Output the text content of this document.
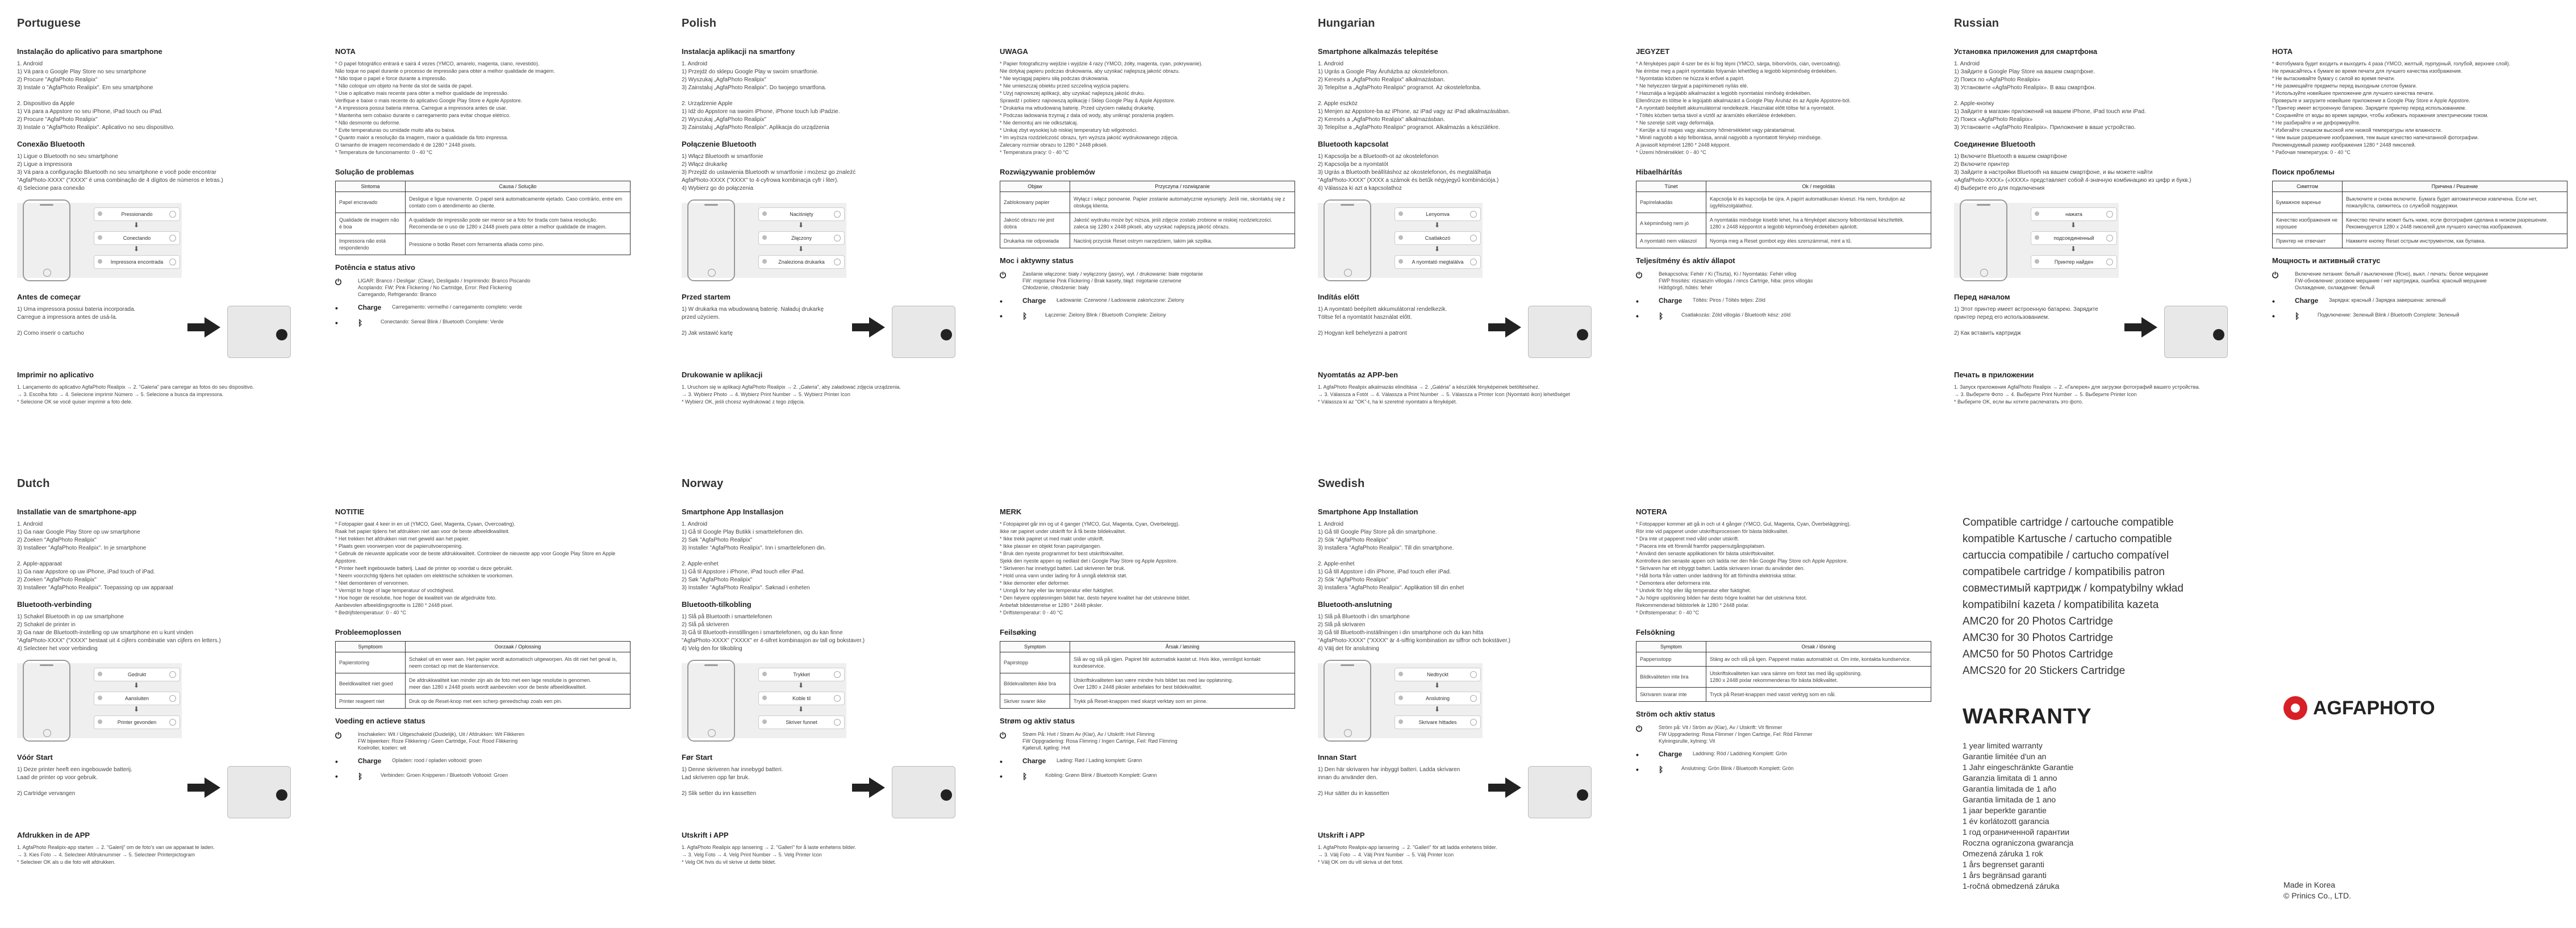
Portuguese
Instalação do aplicativo para smartphone

1. Android
1) Vá para o Google Play Store no seu smartphone
2) Procure "AgfaPhoto Realipix"
3) Instale o "AgfaPhoto Realipix". Em seu smartphone

2. Dispositivo da Apple
1) Vá para a Appstore no seu iPhone, iPad touch ou iPad.
2) Procure "AgfaPhoto Realipix"
3) Instale o "AgfaPhoto Realipix". Aplicativo no seu dispositivo.

Conexão Bluetooth

1) Ligue o Bluetooth no seu smartphone
2) Ligue a impressora
3) Vá para a configuração Bluetooth no seu smartphone e você pode encontrar
"AgfaPhoto-XXXX" ("XXXX" é uma combinação de 4 dígitos de números e letras.)
4) Selecione para conexão

Pressionando
⬇
Conectando
⬇
Impressora encontrada
Antes de começar

1) Uma impressora possui bateria incorporada.
Carregue a impressora antes de usá-la.

2) Como inserir o cartucho

Imprimir no aplicativo

1. Lançamento do aplicativo AgfaPhoto Realipix → 2. "Galeria" para carregar as fotos do seu dispositivo.
→ 3. Escolha foto → 4. Selecione imprimir Número → 5. Selecione a busca da impressora.
* Selecione OK se você quiser imprimir a foto dele.

NOTA

* O papel fotográfico entrará e sairá 4 vezes (YMCO, amarelo, magenta, ciano, revestido).
Não toque no papel durante o processo de impressão para obter a melhor qualidade de imagem.
* Não toque o papel e force durante a impressão.
* Não coloque um objeto na frente da slot de saída de papel.
* Use o aplicativo mais recente para obter a melhor qualidade de impressão.
Verifique e baixe o mais recente do aplicativo Google Play Store e Apple Appstore.
* A impressora possui bateria interna. Carregue a impressora antes de usar.
* Mantenha sem cobaixo durante o carregamento para evitar choque elétrico.
* Não desmonte ou deforme.
* Evite temperaturas ou umidade muito alta ou baixa.
* Quanto maior a resolução da imagem, maior a qualidade da foto impressa.
O tamanho de imagem recomendado é de 1280 * 2448 pixels.
* Temperatura de funcionamento: 0 - 40 °C

Solução de problemas
Sintoma	Causa / Solução
Papel encravado	Desligue e ligue novamente. O papel será automaticamente ejetado. Caso contrário, entre em contato com o atendimento ao cliente.
Qualidade de imagem não é boa	A qualidade de impressão pode ser menor se a foto for tirada com baixa resolução.
Recomenda-se o uso de 1280 x 2448 pixels para obter a melhor qualidade de imagem.
Impressora não está respondendo	Pressione o botão Reset com ferramenta afiada como pino.
Potência e status ativo
⏻	LIGAR: Branco / Desligar: (Clear), Desligado / Imprimindo: Branco Piscando
Acoplando: FW: Pink Flickering / No Cartridge, Error: Red Flickering
Carregando, Refrigerando: Branco
•	Charge	Carregamento: vermelho / carregamento completo: verde
•	ᛒ	Conectando: Sereal Blink / Bluetooth Complete: Verde
Polish
Instalacja aplikacji na smartfony

1. Android
1) Przejdź do sklepu Google Play w swoim smartfonie.
2) Wyszukaj „AgfaPhoto Realipix"
3) Zainstaluj „AgfaPhoto Realipix". Do twojego smartfona.

2. Urządzenie Apple
1) Idź do Appstore na swoim iPhone, iPhone touch lub iPadzie.
2) Wyszukaj „AgfaPhoto Realipix"
3) Zainstaluj „AgfaPhoto Realipix". Aplikacja do urządzenia

Połączenie Bluetooth

1) Włącz Bluetooth w smartfonie
2) Włącz drukarkę
3) Przejdź do ustawienia Bluetooth w smartfonie i możesz go znaleźć
AgfaPhoto-XXXX ("XXXX" to 4-cyfrowa kombinacja cyfr i liter).
4) Wybierz go do połączenia

Naciśnięty
⬇
Złączony
⬇
Znaleziona drukarka
Przed startem

1) W drukarka ma wbudowaną baterię. Naładuj drukarkę
przed użyciem.

2) Jak wstawić kartę

Drukowanie w aplikacji

1. Uruchom się w aplikacji AgfaPhoto Realipix → 2. „Galeria", aby załadować zdjęcia urządzenia.
→ 3. Wybierz Photo → 4. Wybierz Print Number → 5. Wybierz Printer Icon
* Wybierz OK, jeśli chcesz wydrukować z tego zdjęcia.

UWAGA

* Papier fotograficzny wejdzie i wyjdzie 4 razy (YMCO, żółty, magenta, cyan, pokrywanie).
Nie dotykaj papieru podczas drukowania, aby uzyskać najlepszą jakość obrazu.
* Nie wyciągaj papieru siłą podczas drukowania.
* Nie umieszczaj obiektu przed szczeliną wyjścia papieru.
* Użyj najnowszej aplikacji, aby uzyskać najlepszą jakość druku.
Sprawdź i pobierz najnowszą aplikację i Sklep Google Play & Apple Appstore.
* Drukarka ma wbudowaną baterię. Przed użyciem naładuj drukarkę.
* Podczas ładowania trzymaj z dala od wody, aby uniknąć porażenia prądem.
* Nie demontuj ani nie odkształcaj.
* Unikaj zbyt wysokiej lub niskiej temperatury lub wilgotności.
* Im wyższa rozdzielczość obrazu, tym wyższa jakość wydrukowanego zdjęcia.
Zalecany rozmiar obrazu to 1280 * 2448 pikseli.
* Temperatura pracy: 0 - 40 °C

Rozwiązywanie problemów
Objaw	Przyczyna / rozwiązanie
Zablokowany papier	Wyłącz i włącz ponownie. Papier zostanie automatycznie wysunięty. Jeśli nie, skontaktuj się z obsługą klienta.
Jakość obrazu nie jest dobra	Jakość wydruku może być niższa, jeśli zdjęcie zostało zrobione w niskiej rozdzielczości.
zaleca się 1280 x 2448 pikseli, aby uzyskać najlepszą jakość obrazu.
Drukarka nie odpowiada	Naciśnij przycisk Reset ostrym narzędziem, takim jak szpilka.
Moc i aktywny status
⏻	Zasilanie włączone: biały / wyłączony (jasny), wył. / drukowanie: białe migotanie
FW: migotanie Pink Flickering / Brak kasety, błąd: migotanie czerwone
Chłodzenie, chłodzenie: biały
•	Charge	Ładowanie: Czerwone / Ładowanie zakończone: Zielony
•	ᛒ	Łączenie: Zielony Blink / Bluetooth Complete: Zielony
Hungarian
Smartphone alkalmazás telepítése

1. Android
1) Ugrás a Google Play Áruházba az okostelefonon.
2) Keresés a „AgfaPhoto Realipix" alkalmazásban.
3) Telepítse a „AgfaPhoto Realipix" programot. Az okostelefonba.

2. Apple eszköz
1) Menjen az Appstore-ba az iPhone, az iPad vagy az iPad alkalmazásában.
2) Keresés a „AgfaPhoto Realipix" alkalmazásban.
3) Telepítse a „AgfaPhoto Realipix" programot. Alkalmazás a készülékre.

Bluetooth kapcsolat

1) Kapcsolja be a Bluetooth-ot az okostelefonon
2) Kapcsolja be a nyomtatót
3) Ugrás a Bluetooth beállításhoz az okostelefonon, és megtalálhatja
"AgfaPhoto-XXXX" (XXXX a számok és betűk négyjegyű kombinációja.)
4) Válassza ki azt a kapcsolathoz

Lenyomva
⬇
Csatlakozó
⬇
A nyomtató megtalálva
Indítás előtt

1) A nyomtató beépített akkumulátorral rendelkezik.
Töltse fel a nyomtatót használat előtt.

2) Hogyan kell behelyezni a patront

Nyomtatás az APP-ben

1. AgfaPhoto Realipix alkalmazás elindítása → 2. „Galéria" a készülék fényképeinek betöltéséhez.
→ 3. Válassza a Fotót → 4. Válassza a Print Number → 5. Válassza a Printer Icon (Nyomtató ikon) lehetőséget
* Válassza ki az "OK"-t, ha ki szeretné nyomtatni a fényképét.

JEGYZET

* A fényképes papír 4-szer be és ki fog lépni (YMCO, sárga, bíborvörös, cián, overcoating).
Ne érintse meg a papírt nyomtatás folyamán lehetőleg a legjobb képminőség érdekében.
* Nyomtatás közben ne húzza ki erővel a papírt.
* Ne helyezzen tárgyat a papírkimeneti nyílás elé.
* Használja a legújabb alkalmazást a legjobb nyomtatási minőség érdekében.
Ellenőrizze és töltse le a legújabb alkalmazást a Google Play Áruház és az Apple Appstore-ból.
* A nyomtató beépített akkumulátorral rendelkezik. Használat előtt töltse fel a nyomtatót.
* Töltés közben tartsa távol a víztől az áramütés elkerülése érdekében.
* Ne szerelje szét vagy deformálja.
* Kerülje a túl magas vagy alacsony hőmérsékletet vagy páratartalmat.
* Minél nagyobb a kép felbontása, annál nagyobb a nyomtatott fénykép minősége.
A javasolt képméret 1280 * 2448 képpont.
* Üzemi hőmérséklet: 0 - 40 °C

Hibaelhárítás
Tünet	Ok / megoldás
Papírelakadás	Kapcsolja ki és kapcsolja be újra. A papírt automatikusan kiveszi. Ha nem, forduljon az ügyfélszolgálathoz.
A képminőség nem jó	A nyomtatás minősége kisebb lehet, ha a fényképet alacsony felbontással készítették.
1280 x 2448 képpontot a legjobb képminőség érdekében ajánlott.
A nyomtató nem válaszol	Nyomja meg a Reset gombot egy éles szerszámmal, mint a tű.
Teljesítmény és aktív állapot
⏻	Bekapcsolva: Fehér / Ki (Tiszta), Ki / Nyomtatás: Fehér villog
FWP frissítés: rózsaszín villogás / nincs Cartrige, hiba: piros villogás
Hűtőgörgő, hűtés: fehér
•	Charge	Töltés: Piros / Töltés teljes: Zöld
•	ᛒ	Csatlakozás: Zöld villogás / Bluetooth kész: zöld
Russian
Установка приложения для смартфона

1. Android
1) Зайдите в Google Play Store на вашем смартфоне.
2) Поиск по «AgfaPhoto Realipix»
3) Установите «AgfaPhoto Realipix». В ваш смартфон.

2. Apple-кнопку
1) Зайдите в магазин приложений на вашем iPhone, iPad touch или iPad.
2) Поиск «AgfaPhoto Realipix»
3) Установите «AgfaPhoto Realipix». Приложение в ваше устройство.

Соединение Bluetooth

1) Включите Bluetooth в вашем смартфоне
2) Включите принтер
3) Зайдите в настройки Bluetooth на вашем смартфоне, и вы можете найти
«AgfaPhoto-XXXX» («XXXX» представляет собой 4-значную комбинацию из цифр и букв.)
4) Выберите его для подключения

нажата
⬇
подсоединенный
⬇
Принтер найден
Перед началом

1) Этот принтер имеет встроенную батарею. Зарядите
принтер перед его использованием.

2) Как вставить картридж

Печать в приложении

1. Запуск приложения AgfaPhoto Realipix → 2. «Галерея» для загрузки фотографий вашего устройства.
→ 3. Выберите Фото → 4. Выберите Print Number → 5. Выберите Printer Icon
* Выберите OK, если вы хотите распечатать это фото.

НОТА

* Фотобумага будет входить и выходить 4 раза (YMCO, желтый, пурпурный, голубой, верхнее слой).
Не прикасайтесь к бумаге во время печати для лучшего качества изображения.
* Не вытаскивайте бумагу с силой во время печати.
* Не размещайте предметы перед выходным слотом бумаги.
* Используйте новейшее приложение для лучшего качества печати.
Проверьте и загрузите новейшее приложение в Google Play Store и Apple Appstore.
* Принтер имеет встроенную батарею. Зарядите принтер перед использованием.
* Сохраняйте от воды во время зарядки, чтобы избежать поражения электрическим током.
* Не разбирайте и не деформируйте.
* Избегайте слишком высокой или низкой температуры или влажности.
* Чем выше разрешение изображения, тем выше качество напечатанной фотографии.
Рекомендуемый размер изображения 1280 * 2448 пикселей.
* Рабочая температура: 0 - 40 °C

Поиск проблемы
Симптом	Причина / Решение
Бумажное варенье	Выключите и снова включите. Бумага будет автоматически извлечена. Если нет, пожалуйста, свяжитесь со службой поддержки.
Качество изображения не хорошее	Качество печати может быть ниже, если фотография сделана в низком разрешении.
Рекомендуется 1280 x 2448 пикселей для лучшего качества изображения.
Принтер не отвечает	Нажмите кнопку Reset острым инструментом, как булавка.
Мощность и активный статус
⏻	Включение питания: белый / выключение (Ясно), выкл. / печать: белое мерцание
FW-обновление: розовое мерцание / нет картриджа, ошибка: красный мерцание
Охлаждение, охлаждение: белый
•	Charge	Зарядка: красный / Зарядка завершена: зеленый
•	ᛒ	Подключение: Зеленый Blink / Bluetooth Complete: Зеленый
Dutch
Installatie van de smartphone-app

1. Android
1) Ga naar Google Play Store op uw smartphone
2) Zoeken "AgfaPhoto Realipix"
3) Installeer "AgfaPhoto Realipix". In je smartphone

2. Apple-apparaat
1) Ga naar Appstore op uw iPhone, iPad touch of iPad.
2) Zoeken "AgfaPhoto Realipix"
3) Installeer "AgfaPhoto Realipix". Toepassing op uw apparaat

Bluetooth-verbinding

1) Schakel Bluetooth in op uw smartphone
2) Schakel de printer in
3) Ga naar de Bluetooth-instelling op uw smartphone en u kunt vinden
"AgfaPhoto-XXXX" ("XXXX" bestaat uit 4 cijfers combinatie van cijfers en letters.)
4) Selecteer het voor verbinding

Gedrukt
⬇
Aansluiten
⬇
Printer gevonden
Vóór Start

1) Deze printer heeft een ingebouwde batterij.
Laad de printer op voor gebruik.

2) Cartridge vervangen

Afdrukken in de APP

1. AgfaPhoto Realipix-app starten → 2. "Galerij" om de foto's van uw apparaat te laden.
→ 3. Kies Foto → 4. Selecteer Afdruknummer → 5. Selecteer Printerpictogram
* Selecteer OK als u die foto wilt afdrukken.

NOTITIE

* Fotopapier gaat 4 keer in en uit (YMCO, Geel, Magenta, Cyaan, Overcoating).
Raak het papier tijdens het afdrukken niet aan voor de beste afbeeldkwaliteit.
* Het trekken het afdrukken niet met geweld aan het papier.
* Plaats geen voorwerpen voor de papieruitvoeropening.
* Gebruik de nieuwste applicatie voor de beste afdrukkwaliteit. Controleer de nieuwste app voor Google Play Store en Apple Appstore.
* Printer heeft ingebouwde batterij. Laad de printer op voordat u deze gebruikt.
* Neem voorzichtig tijdens het opladen om elektrische schokken te voorkomen.
* Niet demonteren of vervormen.
* Vermijd te hoge of lage temperatuur of vochtigheid.
* Hoe hoger de resolutie, hoe hoger de kwaliteit van de afgedrukte foto.
Aanbevolen afbeeldingsgrootte is 1280 * 2448 pixel.
* Bedrijfstemperatuur: 0 - 40 °C

Probleemoplossen
Symptoom	Oorzaak / Oplossing
Papierstoring	Schakel uit en weer aan. Het papier wordt automatisch uitgeworpen. Als dit niet het geval is, neem contact op met de klantenservice.
Beeldkwaliteit niet goed	De afdrukkwaliteit kan minder zijn als de foto met een lage resolutie is genomen.
meer dan 1280 x 2448 pixels wordt aanbevolen voor de beste afbeeldkwaliteit.
Printer reageert niet	Druk op de Reset-knop met een scherp gereedschap zoals een pin.
Voeding en actieve status
⏻	Inschakelen: Wit / Uitgeschakeld (Duidelijk), Uit / Afdrukken: Wit Flikkeren
FW bijwerken: Roze Flikkering / Geen Cartridge, Fout: Rood Flikkering
Koelroller, koelen: wit
•	Charge	Opladen: rood / opladen voltooid: groen
•	ᛒ	Verbinden: Groen Knipperen / Bluetooth Voltooid: Groen
Norway
Smartphone App Installasjon

1. Android
1) Gå til Google Play Butikk i smarttelefonen din.
2) Søk "AgfaPhoto Realipix"
3) Installer "AgfaPhoto Realipix". Inn i smarttelefonen din.

2. Apple-enhet
1) Gå til Appstore i iPhone, iPad touch eller iPad.
2) Søk "AgfaPhoto Realipix"
3) Installer "AgfaPhoto Realipix". Søknad i enheten

Bluetooth-tilkobling

1) Slå på Bluetooth i smarttelefonen
2) Slå på skriveren
3) Gå til Bluetooth-innstillingen i smarttelefonen, og du kan finne
"AgfaPhoto-XXXX" ("XXXX" er 4-sifret kombinasjon av tall og bokstaver.)
4) Velg den for tilkobling

Trykket
⬇
Koble til
⬇
Skriver funnet
Før Start

1) Denne skriveren har innebygd batteri.
Lad skriveren opp før bruk.

2) Slik setter du inn kassetten

Utskrift i APP

1. AgfaPhoto Realipix app lansering → 2. "Galleri" for å laste enhetens bilder.
→ 3. Velg Foto → 4. Velg Print Number → 5. Velg Printer Icon
* Velg OK hvis du vil skrive ut dette bildet.

MERK

* Fotopapiret går inn og ut 4 ganger (YMCO, Gul, Magenta, Cyan, Overbelegg).
Ikke rør papiret under utskrift for å få beste bildekvalitet.
* Ikke trekk papiret ut med makt under utskrift.
* Ikke plasser en objekt foran papirutgangen.
* Bruk den nyeste programmet for best utskriftskvalitet.
Sjekk den nyeste appen og nedlast det i Google Play Store og Apple Appstore.
* Skriveren har innebygd batteri. Lad skriveren før bruk.
* Hold unna vann under lading for å unngå elektrisk støt.
* Ikke demonter eller deformer.
* Unngå for høy eller lav temperatur eller fuktighet.
* Den høyere oppløsningen bildet har, desto høyere kvalitet har det utskrevne bildet.
Anbefalt bildestørrelse er 1280 * 2448 piksler.
* Driftstemperatur: 0 - 40 °C

Feilsøking
Symptom	Årsak / løsning
Papirstopp	Slå av og slå på igjen. Papiret blir automatisk kastet ut. Hvis ikke, vennligst kontakt kundeservice.
Bildekvaliteten ikke bra	Utskriftskvaliteten kan være mindre hvis bildet tas med lav oppløsning.
Over 1280 x 2448 piksler anbefales for best bildekvalitet.
Skriver svarer ikke	Trykk på Reset-knappen med skarpt verktøy som en pinne.
Strøm og aktiv status
⏻	Strøm På: Hvit / Strøm Av (Klar), Av / Utskrift: Hvit Flimring
FW Oppgradering: Rosa Flimring / Ingen Cartrige, Feil: Rød Flimring
Kjølerull, kjøling: Hvit
•	Charge	Lading: Rød / Lading komplett: Grønn
•	ᛒ	Kobling: Grønn Blink / Bluetooth Komplett: Grønn
Swedish
Smartphone App Installation

1. Android
1) Gå till Google Play Store på din smartphone.
2) Sök "AgfaPhoto Realipix"
3) Installera "AgfaPhoto Realipix". Till din smartphone.

2. Apple-enhet
1) Gå till Appstore i din iPhone, iPad touch eller iPad.
2) Sök "AgfaPhoto Realipix"
3) Installera "AgfaPhoto Realipix". Applikation till din enhet

Bluetooth-anslutning

1) Slå på Bluetooth i din smartphone
2) Slå på skrivaren
3) Gå till Bluetooth-inställningen i din smartphone och du kan hitta
"AgfaPhoto-XXXX" ("XXXX" är 4-siffrig kombination av siffror och bokstäver.)
4) Välj det för anslutning

Nedtryckt
⬇
Anslutning
⬇
Skrivare hittades
Innan Start

1) Den här skrivaren har inbyggt batteri. Ladda skrivaren
innan du använder den.

2) Hur sätter du in kassetten

Utskrift i APP

1. AgfaPhoto Realipix-app lansering → 2. "Galleri" för att ladda enhetens bilder.
→ 3. Välj Foto → 4. Välj Print Number → 5. Välj Printer Icon
* Välj OK om du vill skriva ut det fotot.

NOTERA

* Fotopapper kommer att gå in och ut 4 gånger (YMCO, Gul, Magenta, Cyan, Överbeläggning).
Rör inte vid papperet under utskriftsprocessen för bästa bildkvalitet.
* Dra inte ut papperet med våld under utskrift.
* Placera inte ett föremål framför pappersutgångsplatsen.
* Använd den senaste applikationen för bästa utskriftskvalitet.
Kontrollera den senaste appen och ladda ner den från Google Play Store och Apple Appstore.
* Skrivaren har ett inbyggt batteri. Ladda skrivaren innan du använder den.
* Håll borta från vatten under laddning för att förhindra elektriska stötar.
* Demontera eller deformera inte.
* Undvik för hög eller låg temperatur eller fuktighet.
* Ju högre upplösning bilden har desto högre kvalitet har det utskrivna fotot.
Rekommenderad bildstorlek är 1280 * 2448 pixlar.
* Driftstemperatur: 0 - 40 °C

Felsökning
Symptom	Orsak / lösning
Pappersstopp	Stäng av och slå på igen. Papperet matas automatiskt ut. Om inte, kontakta kundservice.
Bildkvaliteten inte bra	Utskriftskvaliteten kan vara sämre om fotot tas med låg upplösning.
1280 x 2448 pixlar rekommenderas för bästa bildkvalitet.
Skrivaren svarar inte	Tryck på Reset-knappen med vasst verktyg som en nål.
Ström och aktiv status
⏻	Ström på: Vit / Ström av (Klar), Av / Utskrift: Vit flimmer
FW Uppgradering: Rosa Flimmer / Ingen Cartrige, Fel: Röd Flimmer
Kylningsrulle, kylning: Vit
•	Charge	Laddning: Röd / Laddning Komplett: Grön
•	ᛒ	Anslutning: Grön Blink / Bluetooth Komplett: Grön

Compatible cartridge / cartouche compatible

kompatible Kartusche / cartucho compatible

cartuccia compatibile / cartucho compatível

compatibele cartridge / kompatibilis patron

совместимый картридж / kompatybilny wkład

kompatibilní kazeta / kompatibilita kazeta

AMC20 for 20 Photos Cartridge

AMC30 for 30 Photos Cartridge

AMC50 for 50 Photos Cartridge

AMCS20 for 20 Stickers Cartridge

WARRANTY

1 year limited warranty

Garantie limitée d'un an

1 Jahr eingeschränkte Garantie

Garanzia limitata di 1 anno

Garantía limitada de 1 año

Garantia limitada de 1 ano

1 jaar beperkte garantie

1 év korlátozott garancia

1 год ограниченной гарантии

Roczna ograniczona gwarancja

Omezená záruka 1 rok

1 års begrenset garanti

1 års begränsad garanti

1-ročná obmedzená záruka

AGFAPHOTO
Made in Korea
© Prinics Co., LTD.
